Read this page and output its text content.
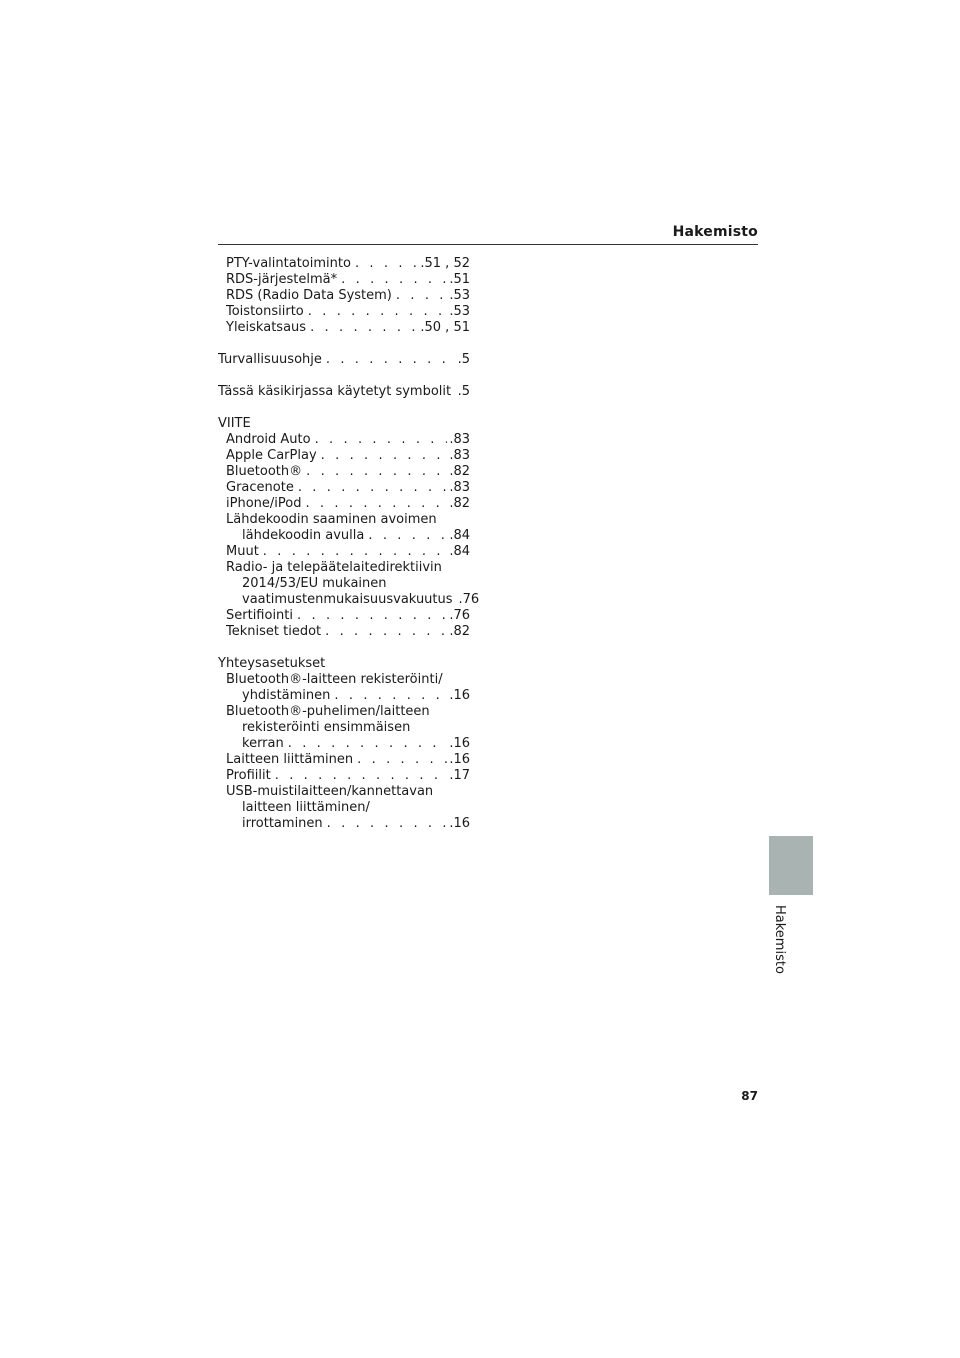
Hakemisto
PTY-valintatoiminto . . .	.51 , 52
RDS-järjestelmä* . . .	.51
RDS (Radio Data System) . . .	.53
Toistonsiirto . . .	.53
Yleiskatsaus . . .	.50 , 51
Turvallisuusohje . . .	.5
Tässä käsikirjassa käytetyt symbolit . . . .5
VIITE
Android Auto . . .	.83
Apple CarPlay . . .	.83
Bluetooth® . . .	.82
Gracenote . . .	.83
iPhone/iPod . . .	.82
Lähdekoodin saaminen avoimen
lähdekoodin avulla . . .	.84
Muut . . .	.84
Radio- ja telepäätelaitedirektiivin
2014/53/EU mukainen
vaatimustenmukaisuusvakuutus .76
Sertifiointi . . .	.76
Tekniset tiedot . . .	.82
Yhteysasetukset
Bluetooth®-laitteen rekisteröinti/
yhdistäminen . . .	.16
Bluetooth®-puhelimen/laitteen
rekisteröinti ensimmäisen
kerran . . .	.16
Laitteen liittäminen . . .	.16
Profiilit . . .	.17
USB-muistilaitteen/kannettavan
laitteen liittäminen/
irrottaminen . . .	.16
Hakemisto
87
